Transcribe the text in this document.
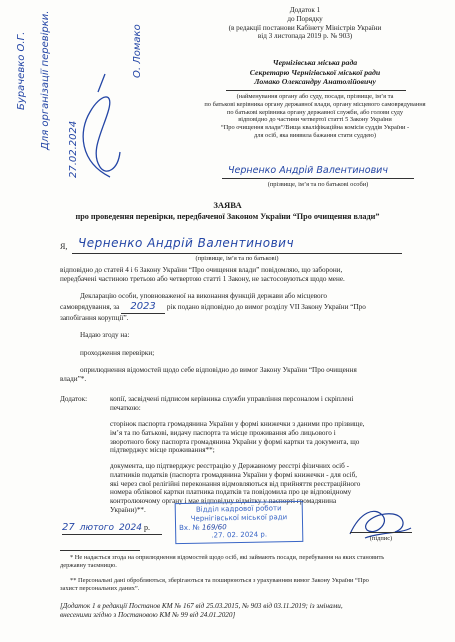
Бурачевко О.Г. Для організації перевірки. 27.02.2024
О. Ломако
Додаток 1
до Порядку
(в редакції постанови Кабінету Міністрів України
від 3 листопада 2019 р. № 903)
Чернігівська міська рада
Секретарю Чернігівської міської ради
Ломако Олександру Анатолійовичу
(найменування органу або суду, посади, прізвище, ім’я та
по батькові керівника органу державної влади, органу місцевого самоврядування
по батькові керівника органу державної служби, або голови суду
відповідно до частини четвертої статті 5 Закону України
“Про очищення влади”/Вища кваліфікаційна комісія суддів України -
для осіб, яка виявила бажання стати суддею)
Черненко Андрій Валентинович
(прізвище, ім’я та по батькові особи)
ЗАЯВА
про проведення перевірки, передбаченої Законом України “Про очищення влади”
Я, Черненко Андрій Валентинович
(прізвище, ім’я та по батькові)
відповідно до статей 4 і 6 Закону України “Про очищення влади” повідомляю, що заборони,
передбачені частиною третьою або четвертою статті 1 Закону, не застосовуються щодо мене.
Декларацію особи, уповноваженої на виконання функцій держави або місцевого
самоврядування, за 2023 рік подано відповідно до вимог розділу VII Закону України “Про
запобігання корупції”.
Надаю згоду на:
проходження перевірки;
оприлюднення відомостей щодо себе відповідно до вимог Закону України “Про очищення
влади”*.
Додаток:	копії, засвідчені підписом керівника служби управління персоналом і скріплені
печаткою:
сторінок паспорта громадянина України у формі книжечки з даними про прізвище,
ім’я та по батькові, видачу паспорта та місце проживання або лицьового і
зворотного боку паспорта громадянина України у формі картки та документа, що
підтверджує місце проживання**;
документа, що підтверджує реєстрацію у Державному реєстрі фізичних осіб -
платників податків (паспорта громадянина України у формі книжечки - для осіб,
які через свої релігійні переконання відмовляються від прийняття реєстраційного
номера облікової картки платника податків та повідомила про це відповідному
контролюючому органу і мае відповідну відмітку у паспорті громадянина
України)**.
27 лютого 2024 р.
Відділ кадрової роботи
Чернігівської міської ради
Вх. № 169/60
.27. 02. 2024 р.	(підпис)
* Не надається згода на оприлюднення відомостей щодо осіб, які займають посади, перебування на яких становить
державну таємницю.
** Персональні дані обробляються, зберігаються та поширюються з урахуванням вимог Закону України “Про
захист персональних даних”.
[Додаток 1 в редакції Постанов КМ № 167 від 25.03.2015, № 903 від 03.11.2019; із змінами,
внесеними згідно з Постановою КМ № 99 від 24.01.2020]
